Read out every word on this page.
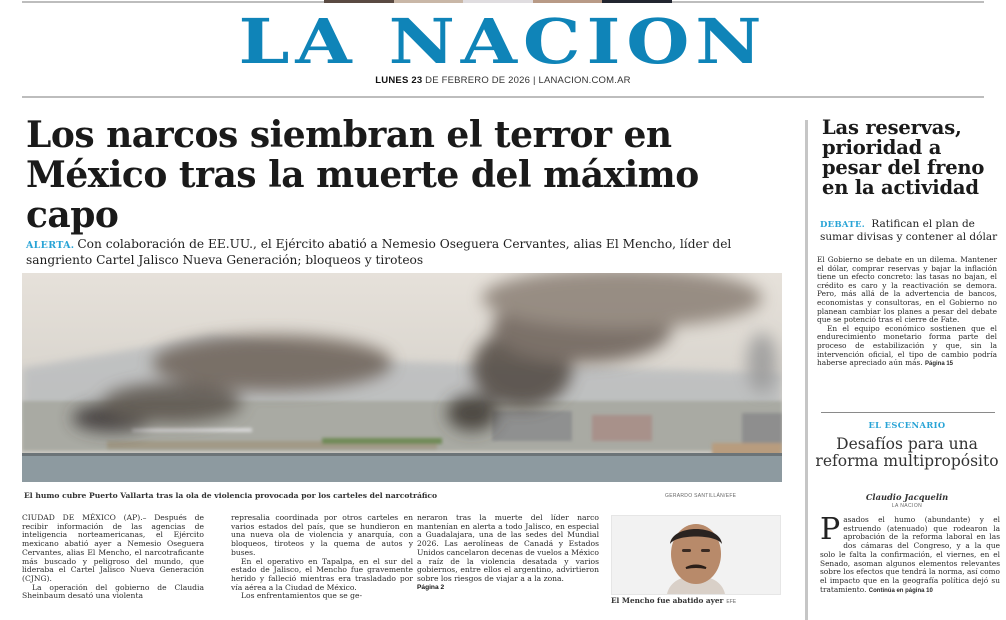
LA NACION
LUNES 23 DE FEBRERO DE 2026 | LANACION.COM.AR
Los narcos siembran el terror en México tras la muerte del máximo capo
ALERTA. Con colaboración de EE.UU., el Ejército abatió a Nemesio Oseguera Cervantes, alias El Mencho, líder del sangriento Cartel Jalisco Nueva Generación; bloqueos y tiroteos
El humo cubre Puerto Vallarta tras la ola de violencia provocada por los carteles del narcotráfico	GERARDO SANTILLÁN/EFE

CIUDAD DE MÉXICO (AP).– Después de recibir información de las agencias de inteligencia norteamericanas, el Ejército mexicano abatió ayer a Nemesio Oseguera Cervantes, alias El Mencho, el narcotraficante más buscado y peligroso del mundo, que lideraba el Cartel Jalisco Nueva Generación (CJNG).

La operación del gobierno de Claudia Sheinbaum desató una violenta

represalia coordinada por otros carteles en varios estados del país, que se hundieron en una nueva ola de violencia y anarquía, con bloqueos, tiroteos y la quema de autos y buses.

En el operativo en Tapalpa, en el sur del estado de Jalisco, el Mencho fue gravemente herido y falleció mientras era trasladado por vía aérea a la Ciudad de México.

Los enfrentamientos que se ge-

neraron tras la muerte del líder narco mantenían en alerta a todo Jalisco, en especial a Guadalajara, una de las sedes del Mundial 2026. Las aerolíneas de Canadá y Estados Unidos cancelaron decenas de vuelos a México a raíz de la violencia desatada y varios gobiernos, entre ellos el argentino, advirtieron sobre los riesgos de viajar a a la zona.

Página 2

El Mencho fue abatido ayer EFE
Las reservas, prioridad a pesar del freno en la actividad
DEBATE. Ratifican el plan de sumar divisas y contener al dólar

El Gobierno se debate en un dilema. Mantener el dólar, comprar reservas y bajar la inflación tiene un efecto concreto: las tasas no bajan, el crédito es caro y la reactivación se demora. Pero, más allá de la advertencia de bancos, economistas y consultoras, en el Gobierno no planean cambiar los planes a pesar del debate que se potenció tras el cierre de Fate.

En el equipo económico sostienen que el endurecimiento monetario forma parte del proceso de estabilización y que, sin la intervención oficial, el tipo de cambio podría haberse apreciado aún más. Página 15

EL ESCENARIO
Desafíos para una reforma multipropósito
Claudio Jacquelin
LA NACION
Pasados el humo (abundante) y el estruendo (atenuado) que rodearon la aprobación de la reforma laboral en las dos cámaras del Congreso, y a la que solo le falta la confirmación, el viernes, en el Senado, asoman algunos elementos relevantes sobre los efectos que tendrá la norma, así como el impacto que en la geografía política dejó su tratamiento. Continúa en página 10
